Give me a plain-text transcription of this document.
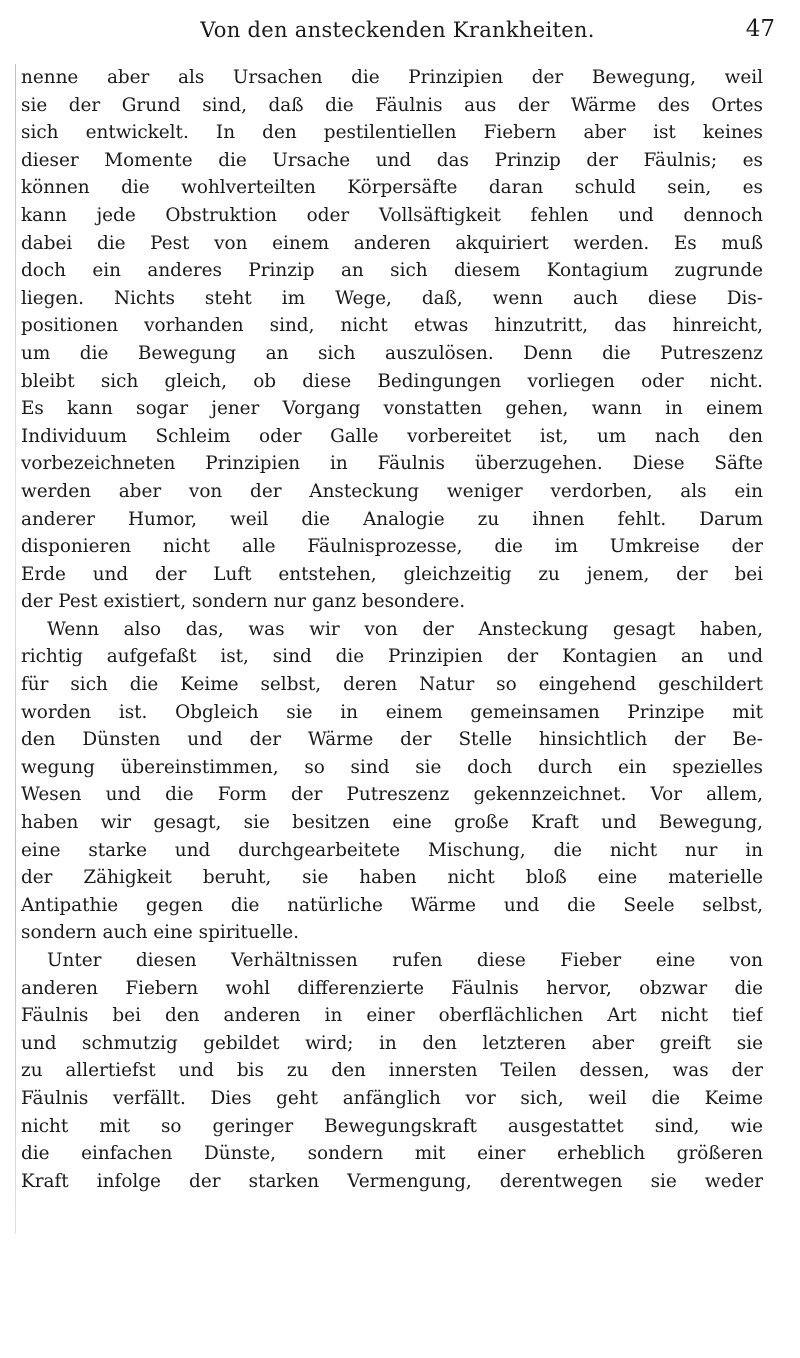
Von den ansteckenden Krankheiten.	47
nenne aber als Ursachen die Prinzipien der Bewegung, weil
sie der Grund sind, daß die Fäulnis aus der Wärme des Ortes
sich entwickelt. In den pestilentiellen Fiebern aber ist keines
dieser Momente die Ursache und das Prinzip der Fäulnis; es
können die wohlverteilten Körpersäfte daran schuld sein, es
kann jede Obstruktion oder Vollsäftigkeit fehlen und dennoch
dabei die Pest von einem anderen akquiriert werden. Es muß
doch ein anderes Prinzip an sich diesem Kontagium zugrunde
liegen. Nichts steht im Wege, daß, wenn auch diese Dis-
positionen vorhanden sind, nicht etwas hinzutritt, das hinreicht,
um die Bewegung an sich auszulösen. Denn die Putreszenz
bleibt sich gleich, ob diese Bedingungen vorliegen oder nicht.
Es kann sogar jener Vorgang vonstatten gehen, wann in einem
Individuum Schleim oder Galle vorbereitet ist, um nach den
vorbezeichneten Prinzipien in Fäulnis überzugehen. Diese Säfte
werden aber von der Ansteckung weniger verdorben, als ein
anderer Humor, weil die Analogie zu ihnen fehlt. Darum
disponieren nicht alle Fäulnisprozesse, die im Umkreise der
Erde und der Luft entstehen, gleichzeitig zu jenem, der bei
der Pest existiert, sondern nur ganz besondere.
Wenn also das, was wir von der Ansteckung gesagt haben,
richtig aufgefaßt ist, sind die Prinzipien der Kontagien an und
für sich die Keime selbst, deren Natur so eingehend geschildert
worden ist. Obgleich sie in einem gemeinsamen Prinzipe mit
den Dünsten und der Wärme der Stelle hinsichtlich der Be-
wegung übereinstimmen, so sind sie doch durch ein spezielles
Wesen und die Form der Putreszenz gekennzeichnet. Vor allem,
haben wir gesagt, sie besitzen eine große Kraft und Bewegung,
eine starke und durchgearbeitete Mischung, die nicht nur in
der Zähigkeit beruht, sie haben nicht bloß eine materielle
Antipathie gegen die natürliche Wärme und die Seele selbst,
sondern auch eine spirituelle.
Unter diesen Verhältnissen rufen diese Fieber eine von
anderen Fiebern wohl differenzierte Fäulnis hervor, obzwar die
Fäulnis bei den anderen in einer oberflächlichen Art nicht tief
und schmutzig gebildet wird; in den letzteren aber greift sie
zu allertiefst und bis zu den innersten Teilen dessen, was der
Fäulnis verfällt. Dies geht anfänglich vor sich, weil die Keime
nicht mit so geringer Bewegungskraft ausgestattet sind, wie
die einfachen Dünste, sondern mit einer erheblich größeren
Kraft infolge der starken Vermengung, derentwegen sie weder
